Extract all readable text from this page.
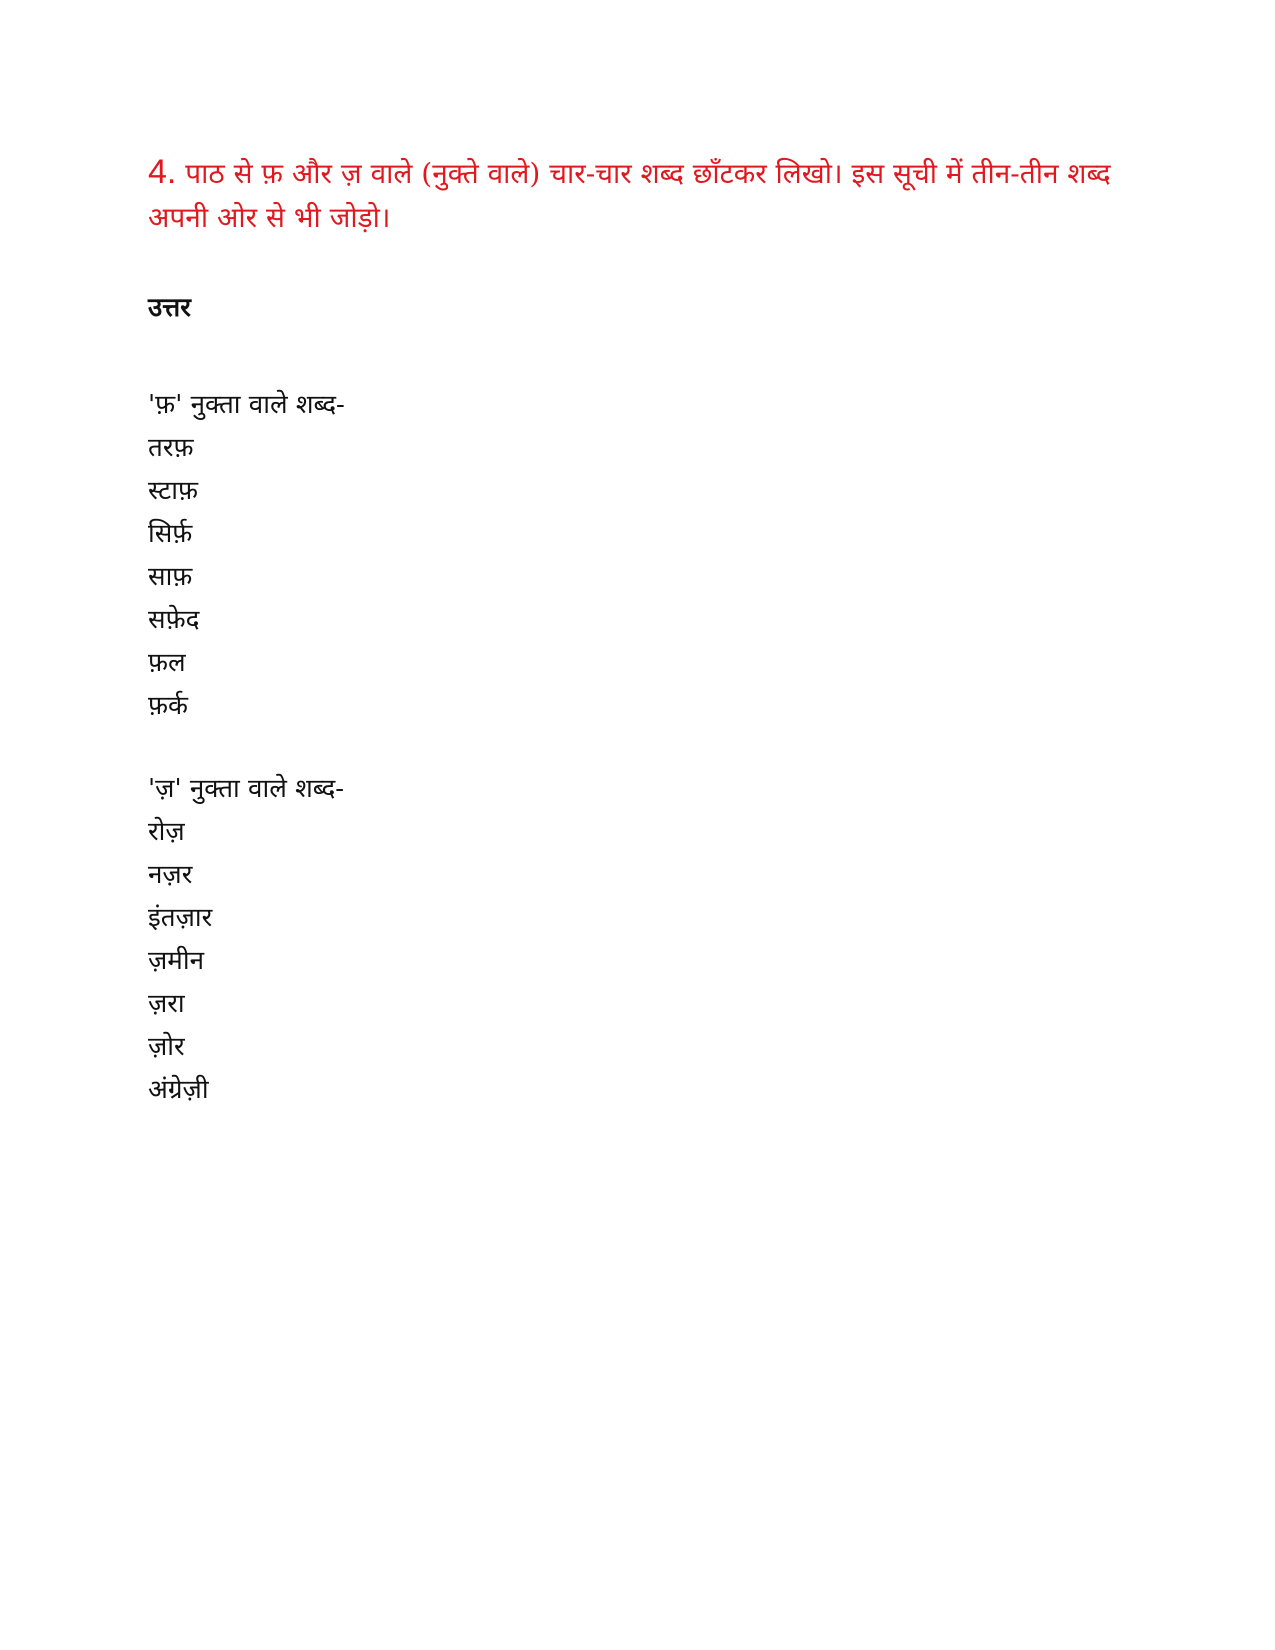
4. पाठ से फ़ और ज़ वाले (नुक्ते वाले) चार-चार शब्द छाँटकर लिखो। इस सूची में तीन-तीन शब्द अपनी ओर से भी जोड़ो।

उत्तर

'फ़' नुक्ता वाले शब्द-

तरफ़
स्टाफ़
सिर्फ़
साफ़
सफ़ेद
फ़ल
फ़र्क

'ज़' नुक्ता वाले शब्द-

रोज़
नज़र
इंतज़ार
ज़मीन
ज़रा
ज़ोर
अंग्रेज़ी
